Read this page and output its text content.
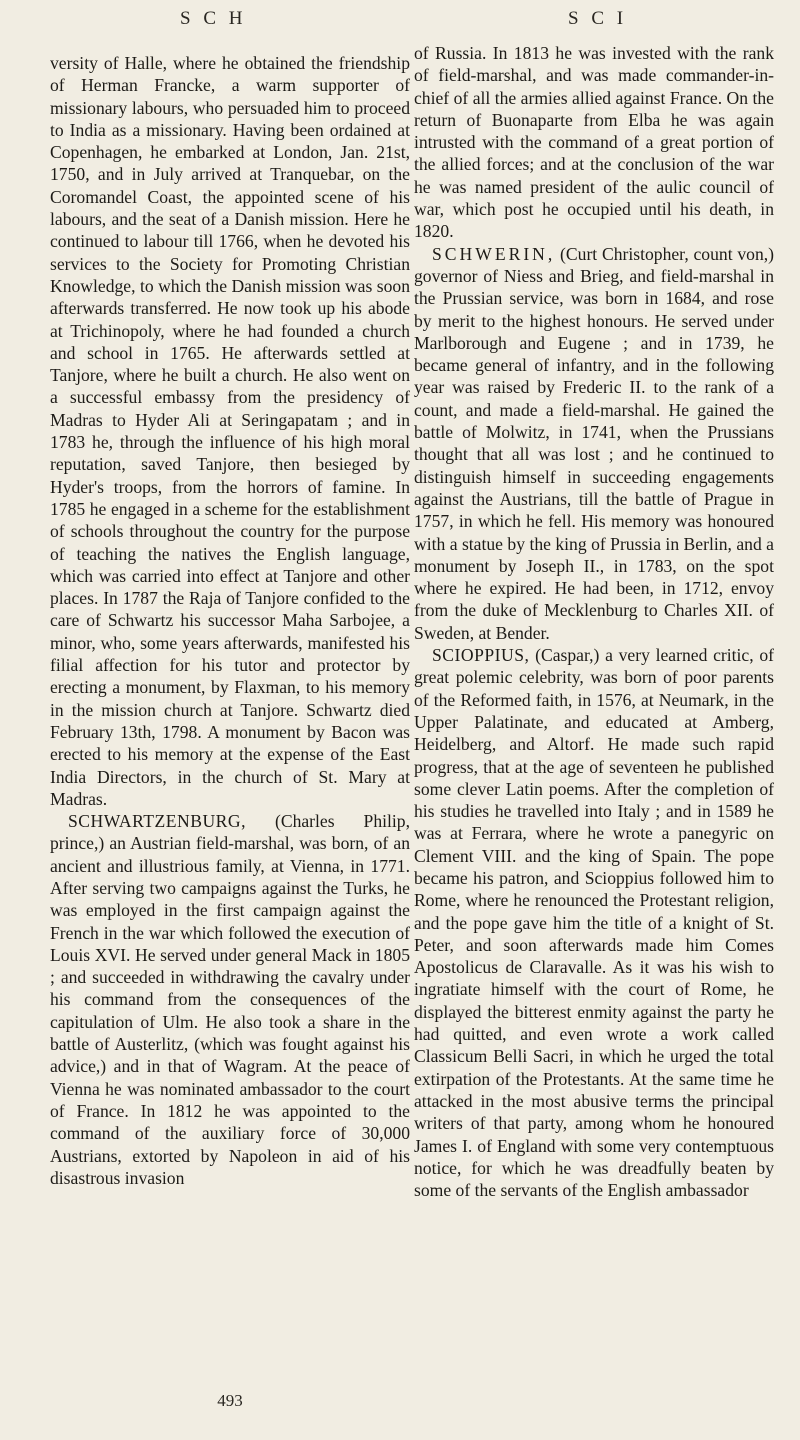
S C H	S C I

versity of Halle, where he obtained the friendship of Herman Francke, a warm supporter of missionary labours, who persuaded him to proceed to India as a missionary. Having been ordained at Copenhagen, he embarked at London, Jan. 21st, 1750, and in July arrived at Tranquebar, on the Coromandel Coast, the appointed scene of his labours, and the seat of a Danish mission. Here he continued to labour till 1766, when he devoted his services to the Society for Promoting Christian Knowledge, to which the Danish mission was soon afterwards transferred. He now took up his abode at Trichinopoly, where he had founded a church and school in 1765. He afterwards settled at Tanjore, where he built a church. He also went on a successful embassy from the presidency of Madras to Hyder Ali at Seringapatam ; and in 1783 he, through the influence of his high moral reputation, saved Tanjore, then besieged by Hyder's troops, from the horrors of famine. In 1785 he engaged in a scheme for the establishment of schools throughout the country for the purpose of teaching the natives the English language, which was carried into effect at Tanjore and other places. In 1787 the Raja of Tanjore confided to the care of Schwartz his successor Maha Sarbojee, a minor, who, some years afterwards, manifested his filial affection for his tutor and protector by erecting a monument, by Flaxman, to his memory in the mission church at Tanjore. Schwartz died February 13th, 1798. A monument by Bacon was erected to his memory at the expense of the East India Directors, in the church of St. Mary at Madras.

SCHWARTZENBURG, (Charles Philip, prince,) an Austrian field-marshal, was born, of an ancient and illustrious family, at Vienna, in 1771. After serving two campaigns against the Turks, he was employed in the first campaign against the French in the war which followed the execution of Louis XVI. He served under general Mack in 1805 ; and succeeded in withdrawing the cavalry under his command from the consequences of the capitulation of Ulm. He also took a share in the battle of Austerlitz, (which was fought against his advice,) and in that of Wagram. At the peace of Vienna he was nominated ambassador to the court of France. In 1812 he was appointed to the command of the auxiliary force of 30,000 Austrians, extorted by Napoleon in aid of his disastrous invasion

of Russia. In 1813 he was invested with the rank of field-marshal, and was made commander-in-chief of all the armies allied against France. On the return of Buonaparte from Elba he was again intrusted with the command of a great portion of the allied forces; and at the conclusion of the war he was named president of the aulic council of war, which post he occupied until his death, in 1820.

SCHWERIN, (Curt Christopher, count von,) governor of Niess and Brieg, and field-marshal in the Prussian service, was born in 1684, and rose by merit to the highest honours. He served under Marlborough and Eugene ; and in 1739, he became general of infantry, and in the following year was raised by Frederic II. to the rank of a count, and made a field-marshal. He gained the battle of Molwitz, in 1741, when the Prussians thought that all was lost ; and he continued to distinguish himself in succeeding engagements against the Austrians, till the battle of Prague in 1757, in which he fell. His memory was honoured with a statue by the king of Prussia in Berlin, and a monument by Joseph II., in 1783, on the spot where he expired. He had been, in 1712, envoy from the duke of Mecklenburg to Charles XII. of Sweden, at Bender.

SCIOPPIUS, (Caspar,) a very learned critic, of great polemic celebrity, was born of poor parents of the Reformed faith, in 1576, at Neumark, in the Upper Palatinate, and educated at Amberg, Heidelberg, and Altorf. He made such rapid progress, that at the age of seventeen he published some clever Latin poems. After the completion of his studies he travelled into Italy ; and in 1589 he was at Ferrara, where he wrote a panegyric on Clement VIII. and the king of Spain. The pope became his patron, and Scioppius followed him to Rome, where he renounced the Protestant religion, and the pope gave him the title of a knight of St. Peter, and soon afterwards made him Comes Apostolicus de Claravalle. As it was his wish to ingratiate himself with the court of Rome, he displayed the bitterest enmity against the party he had quitted, and even wrote a work called Classicum Belli Sacri, in which he urged the total extirpation of the Protestants. At the same time he attacked in the most abusive terms the principal writers of that party, among whom he honoured James I. of England with some very contemptuous notice, for which he was dreadfully beaten by some of the servants of the English ambassador

493
